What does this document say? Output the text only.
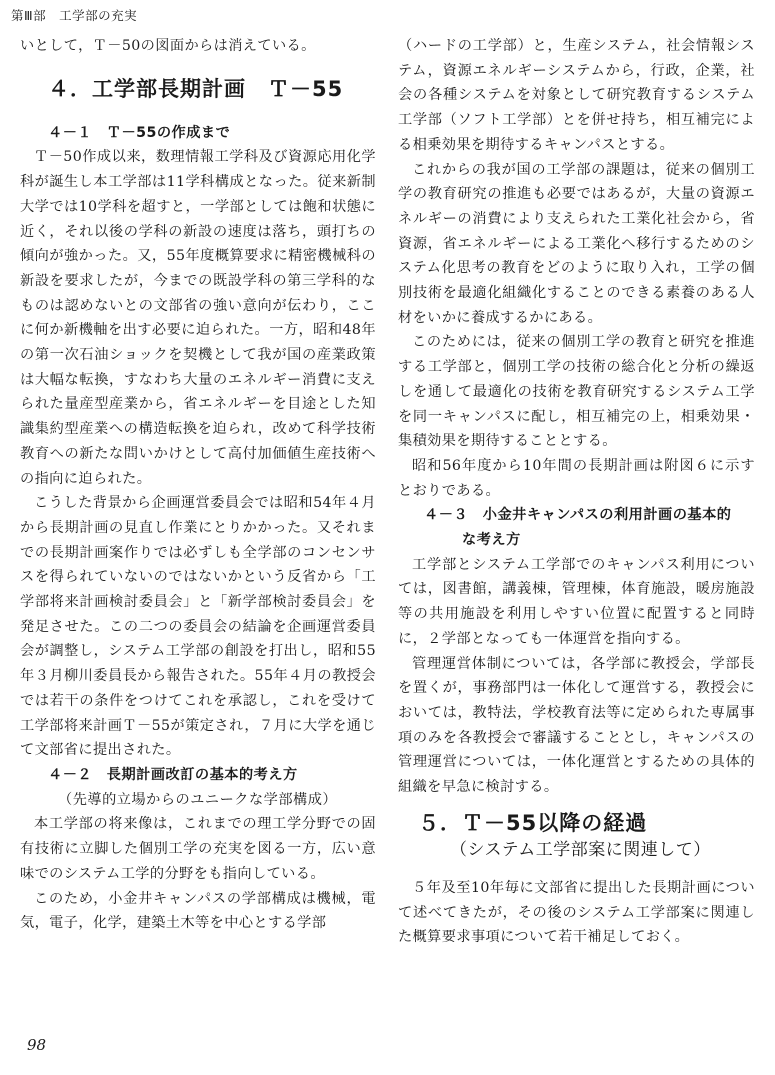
第Ⅲ部　工学部の充実

いとして，Ｔ－50の図面からは消えている。

４．工学部長期計画　Ｔ－55
４－１　Ｔ－55の作成まで

Ｔ－50作成以来，数理情報工学科及び資源応用化学科が誕生し本工学部は11学科構成となった。従来新制大学では10学科を超すと，一学部としては飽和状態に近く，それ以後の学科の新設の速度は落ち，頭打ちの傾向が強かった。又，55年度概算要求に精密機械科の新設を要求したが，今までの既設学科の第三学科的なものは認めないとの文部省の強い意向が伝わり，ここに何か新機軸を出す必要に迫られた。一方，昭和48年の第一次石油ショックを契機として我が国の産業政策は大幅な転換，すなわち大量のエネルギー消費に支えられた量産型産業から，省エネルギーを目途とした知識集約型産業への構造転換を迫られ，改めて科学技術教育への新たな問いかけとして高付加価値生産技術への指向に迫られた。

こうした背景から企画運営委員会では昭和54年４月から長期計画の見直し作業にとりかかった。又それまでの長期計画案作りでは必ずしも全学部のコンセンサスを得られていないのではないかという反省から「工学部将来計画検討委員会」と「新学部検討委員会」を発足させた。この二つの委員会の結論を企画運営委員会が調整し，システム工学部の創設を打出し，昭和55年３月柳川委員長から報告された。55年４月の教授会では若干の条件をつけてこれを承認し，これを受けて工学部将来計画Ｔ－55が策定され，７月に大学を通じて文部省に提出された。

４－２　長期計画改訂の基本的考え方
（先導的立場からのユニークな学部構成）

本工学部の将来像は，これまでの理工学分野での固有技術に立脚した個別工学の充実を図る一方，広い意味でのシステム工学的分野をも指向している。

このため，小金井キャンパスの学部構成は機械，電気，電子，化学，建築土木等を中心とする学部

（ハードの工学部）と，生産システム，社会情報システム，資源エネルギーシステムから，行政，企業，社会の各種システムを対象として研究教育するシステム工学部（ソフト工学部）とを併せ持ち，相互補完による相乗効果を期待するキャンパスとする。

これからの我が国の工学部の課題は，従来の個別工学の教育研究の推進も必要ではあるが，大量の資源エネルギーの消費により支えられた工業化社会から，省資源，省エネルギーによる工業化へ移行するためのシステム化思考の教育をどのように取り入れ，工学の個別技術を最適化組織化することのできる素養のある人材をいかに養成するかにある。

このためには，従来の個別工学の教育と研究を推進する工学部と，個別工学の技術の総合化と分析の繰返しを通して最適化の技術を教育研究するシステム工学を同一キャンパスに配し，相互補完の上，相乗効果・集積効果を期待することとする。

昭和56年度から10年間の長期計画は附図６に示すとおりである。

４－３　小金井キャンパスの利用計画の基本的
な考え方

工学部とシステム工学部でのキャンパス利用については，図書館，講義棟，管理棟，体育施設，暖房施設等の共用施設を利用しやすい位置に配置すると同時に，２学部となっても一体運営を指向する。

管理運営体制については，各学部に教授会，学部長を置くが，事務部門は一体化して運営する，教授会においては，教特法，学校教育法等に定められた専属事項のみを各教授会で審議することとし，キャンパスの管理運営については，一体化運営とするための具体的組織を早急に検討する。

５．Ｔ－55以降の経過
（システム工学部案に関連して）

５年及至10年毎に文部省に提出した長期計画について述べてきたが，その後のシステム工学部案に関連した概算要求事項について若干補足しておく。

98
